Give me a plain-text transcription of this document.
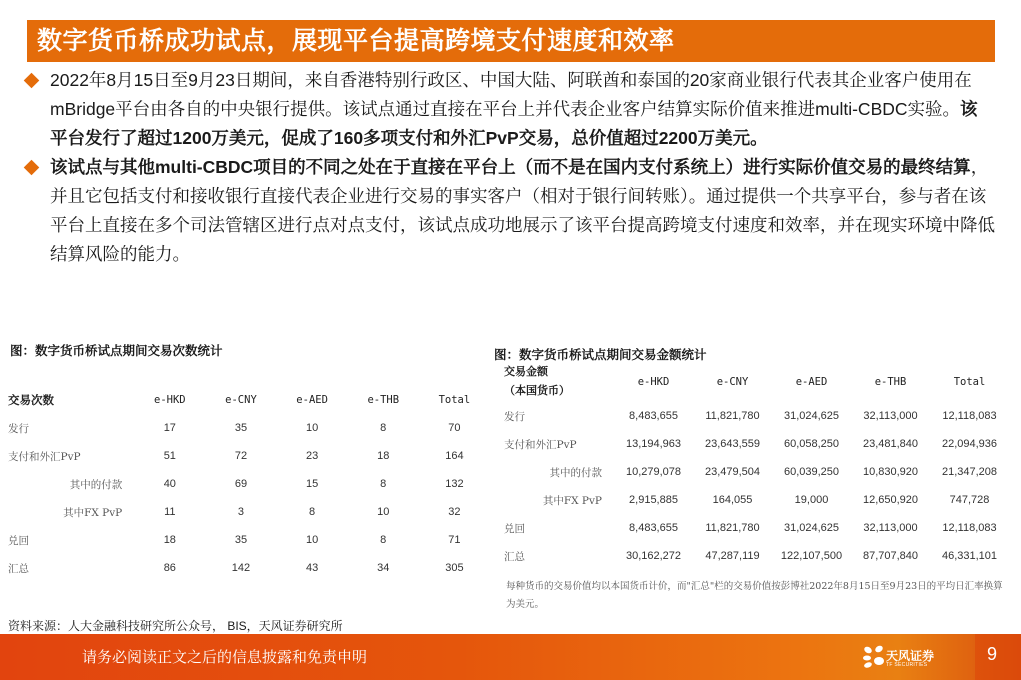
数字货币桥成功试点，展现平台提高跨境支付速度和效率

2022年8月15日至9月23日期间，来自香港特别行政区、中国大陆、阿联酋和泰国的20家商业银行代表其企业客户使用在mBridge平台由各自的中央银行提供。该试点通过直接在平台上并代表企业客户结算实际价值来推进multi-CBDC实验。该平台发行了超过1200万美元，促成了160多项支付和外汇PvP交易，总价值超过2200万美元。

该试点与其他multi-CBDC项目的不同之处在于直接在平台上（而不是在国内支付系统上）进行实际价值交易的最终结算，并且它包括支付和接收银行直接代表企业进行交易的事实客户（相对于银行间转账）。通过提供一个共享平台，参与者在该平台上直接在多个司法管辖区进行点对点支付，该试点成功地展示了该平台提高跨境支付速度和效率，并在现实环境中降低结算风险的能力。

图：数字货币桥试点期间交易次数统计
交易次数	e-HKD	e-CNY	e-AED	e-THB	Total
发行	17	35	10	8	70
支付和外汇PvP	51	72	23	18	164
其中的付款	40	69	15	8	132
其中FX PvP	11	3	8	10	32
兑回	18	35	10	8	71
汇总	86	142	43	34	305
图：数字货币桥试点期间交易金额统计
交易金额
（本国货币）	e-HKD	e-CNY	e-AED	e-THB	Total
发行	8,483,655	11,821,780	31,024,625	32,113,000	12,118,083
支付和外汇PvP	13,194,963	23,643,559	60,058,250	23,481,840	22,094,936
其中的付款	10,279,078	23,479,504	60,039,250	10,830,920	21,347,208
其中FX PvP	2,915,885	164,055	19,000	12,650,920	747,728
兑回	8,483,655	11,821,780	31,024,625	32,113,000	12,118,083
汇总	30,162,272	47,287,119	122,107,500	87,707,840	46,331,101
每种货币的交易价值均以本国货币计价，而"汇总"栏的交易价值按彭博社2022年8月15日至9月23日的平均日汇率换算为美元。
资料来源：人大金融科技研究所公众号， BIS，天风证券研究所
请务必阅读正文之后的信息披露和免责申明	天风证券
TF SECURITIES
9
